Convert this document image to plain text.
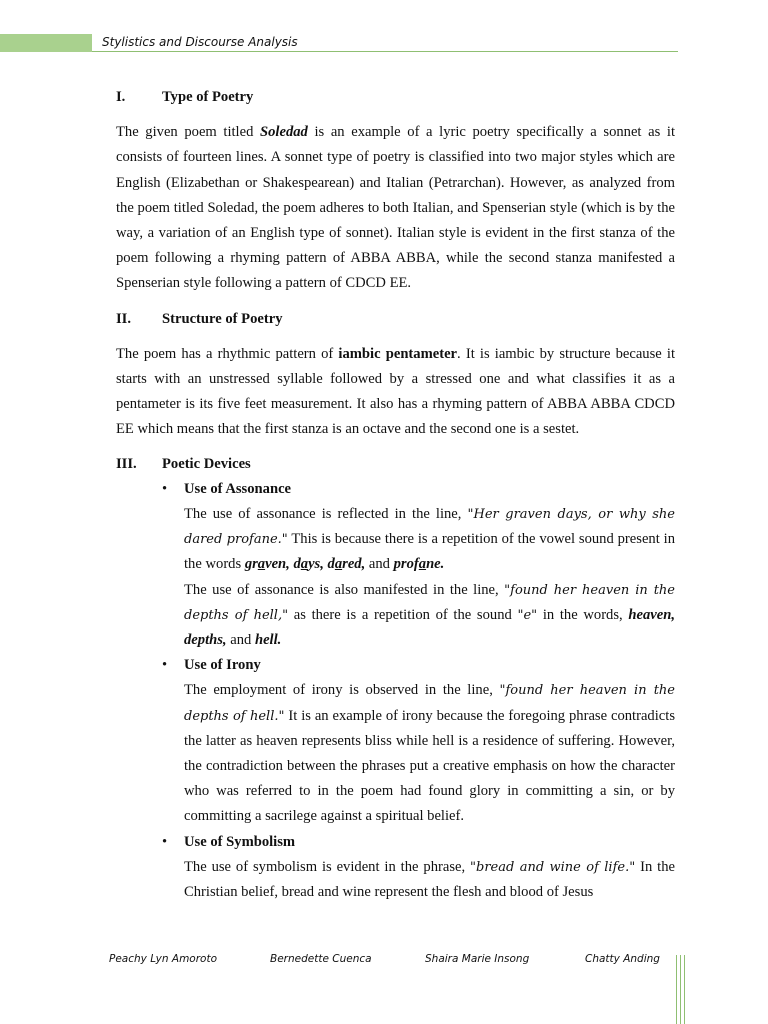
Stylistics and Discourse Analysis
I.	Type of Poetry

The given poem titled Soledad is an example of a lyric poetry specifically a sonnet as it consists of fourteen lines. A sonnet type of poetry is classified into two major styles which are English (Elizabethan or Shakespearean) and Italian (Petrarchan). However, as analyzed from the poem titled Soledad, the poem adheres to both Italian, and Spenserian style (which is by the way, a variation of an English type of sonnet). Italian style is evident in the first stanza of the poem following a rhyming pattern of ABBA ABBA, while the second stanza manifested a Spenserian style following a pattern of CDCD EE.

II.	Structure of Poetry

The poem has a rhythmic pattern of iambic pentameter. It is iambic by structure because it starts with an unstressed syllable followed by a stressed one and what classifies it as a pentameter is its five feet measurement. It also has a rhyming pattern of ABBA ABBA CDCD EE which means that the first stanza is an octave and the second one is a sestet.

III.	Poetic Devices
• Use of Assonance

The use of assonance is reflected in the line, "Her graven days, or why she dared profane." This is because there is a repetition of the vowel sound present in the words graven, days, dared, and profane.

The use of assonance is also manifested in the line, "found her heaven in the depths of hell," as there is a repetition of the sound "e" in the words, heaven, depths, and hell.

• Use of Irony

The employment of irony is observed in the line, "found her heaven in the depths of hell." It is an example of irony because the foregoing phrase contradicts the latter as heaven represents bliss while hell is a residence of suffering. However, the contradiction between the phrases put a creative emphasis on how the character who was referred to in the poem had found glory in committing a sin, or by committing a sacrilege against a spiritual belief.

• Use of Symbolism

The use of symbolism is evident in the phrase, "bread and wine of life." In the Christian belief, bread and wine represent the flesh and blood of Jesus

Peachy Lyn Amoroto	Bernedette Cuenca	Shaira Marie Insong	Chatty Anding
